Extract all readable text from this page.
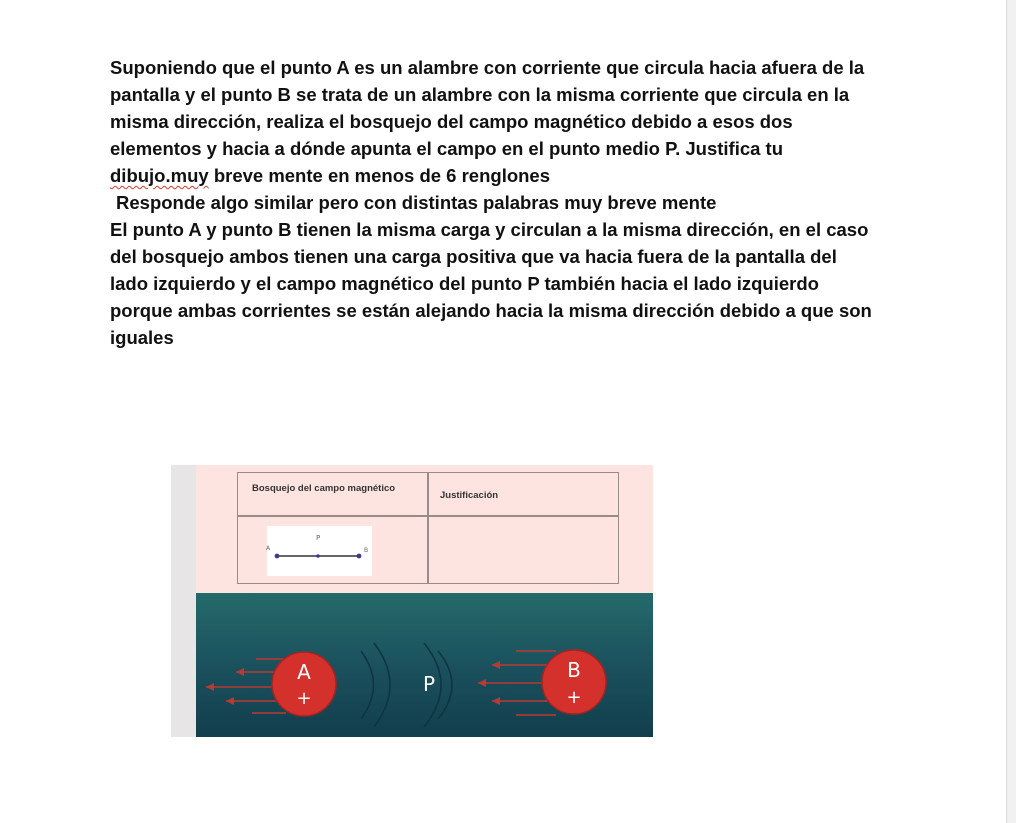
Suponiendo que el punto A es un alambre con corriente que circula hacia afuera de la pantalla y el punto B se trata de un alambre con la misma corriente que circula en la misma dirección, realiza el bosquejo del campo magnético debido a esos dos elementos y hacia a dónde apunta el campo en el punto medio P. Justifica tu dibujo.muy breve mente en menos de 6 renglones

Responde algo similar pero con distintas palabras muy breve mente

El punto A y punto B tienen la misma carga y circulan a la misma dirección, en el caso del bosquejo ambos tienen una carga positiva que va hacia fuera de la pantalla del lado izquierdo y el campo magnético del punto P también hacia el lado izquierdo porque ambas corrientes se están alejando hacia la misma dirección debido a que son iguales

Bosquejo del campo magnético
Justificación
P
A	B
A
+
P
B
+
